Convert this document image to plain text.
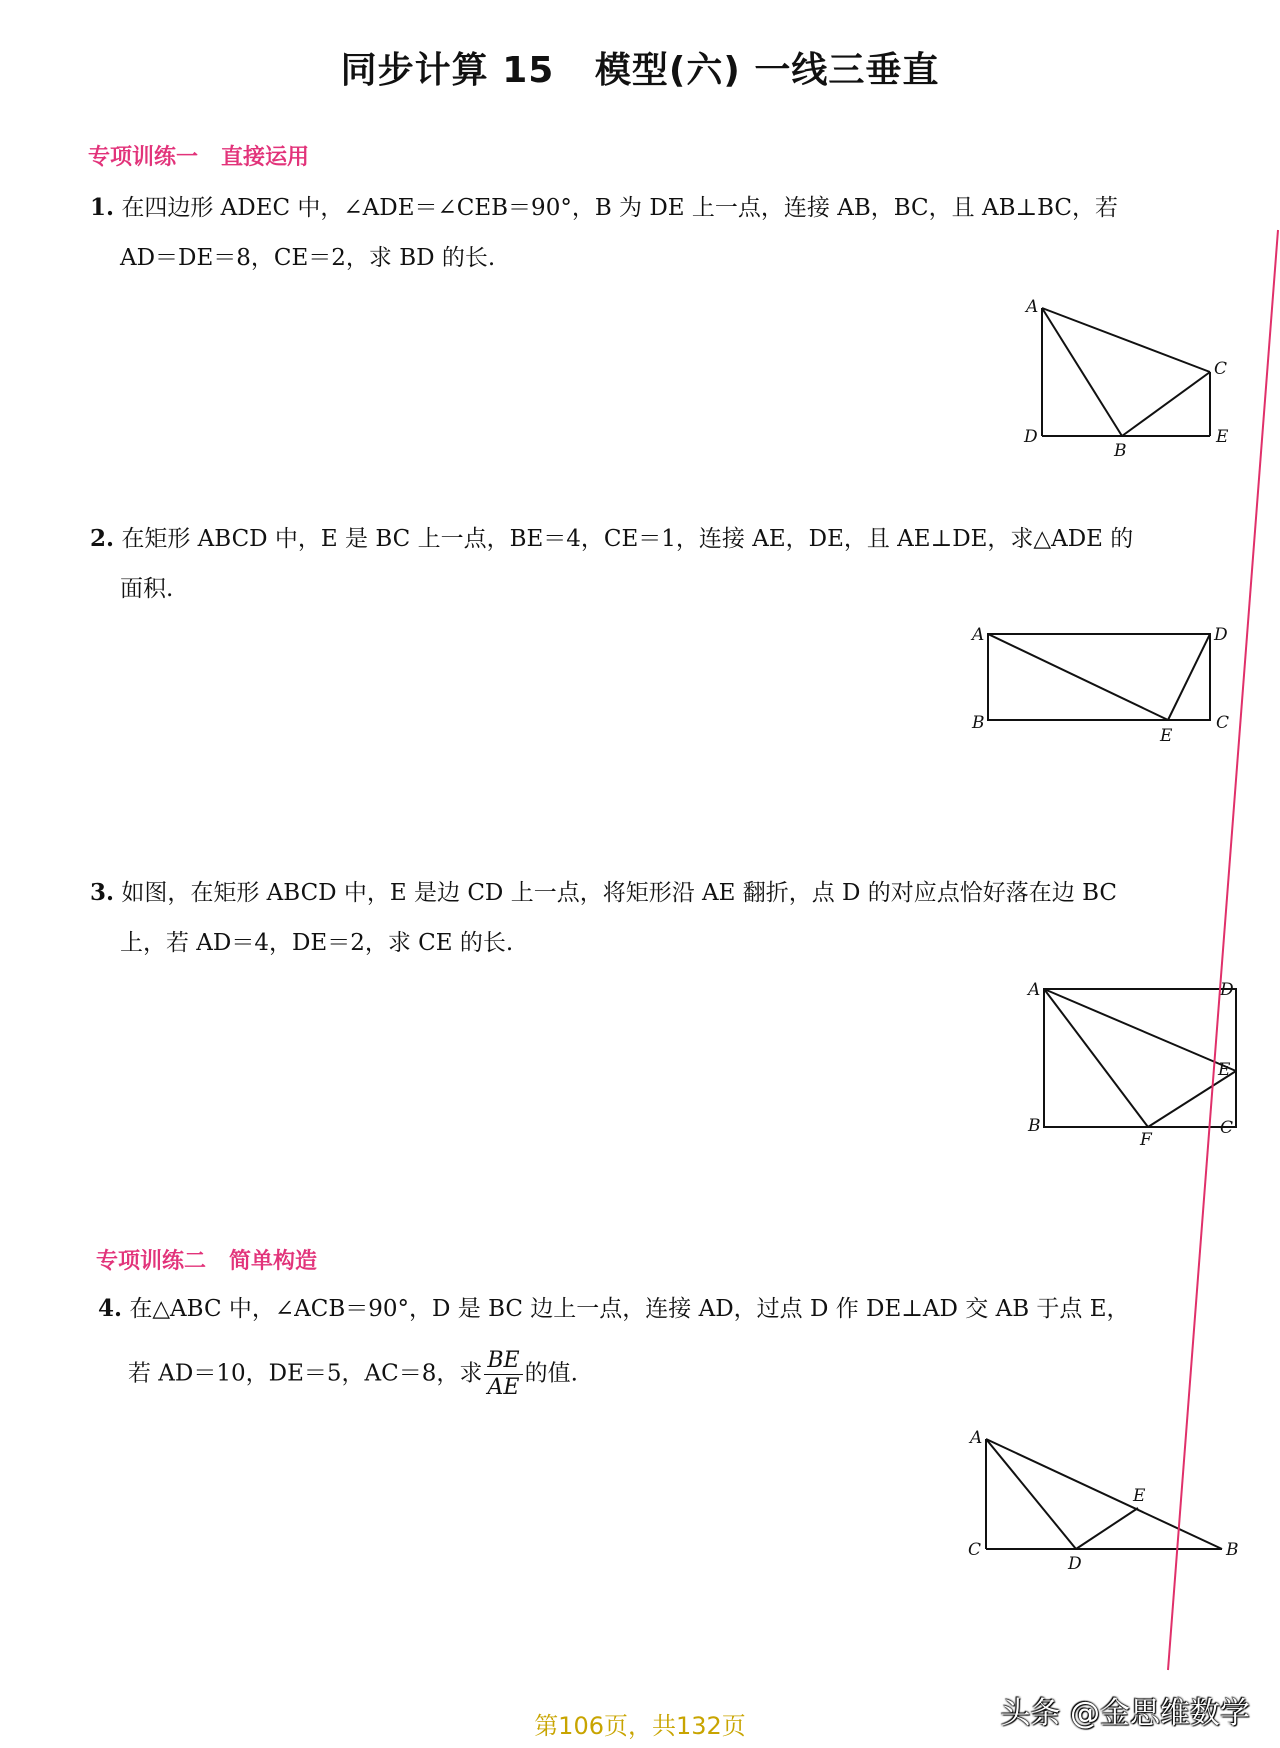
同步计算 15   模型(六) 一线三垂直
专项训练一   直接运用
1. 在四边形 ADEC 中，∠ADE＝∠CEB＝90°，B 为 DE 上一点，连接 AB，BC，且 AB⊥BC，若
AD＝DE＝8，CE＝2，求 BD 的长.
A
C
D	E
B
2. 在矩形 ABCD 中，E 是 BC 上一点，BE＝4，CE＝1，连接 AE，DE，且 AE⊥DE，求△ADE 的
面积.
A	D
B	C
E
3. 如图，在矩形 ABCD 中，E 是边 CD 上一点，将矩形沿 AE 翻折，点 D 的对应点恰好落在边 BC
上，若 AD＝4，DE＝2，求 CE 的长.
A	D
E
B	C
F
专项训练二   简单构造
4. 在△ABC 中，∠ACB＝90°，D 是 BC 边上一点，连接 AD，过点 D 作 DE⊥AD 交 AB 于点 E，
若 AD＝10，DE＝5，AC＝8，求 $\frac{BE}{AE}$ 的值.
A
E
C	B
D
第106页，共132页	头条 @金思维数学
